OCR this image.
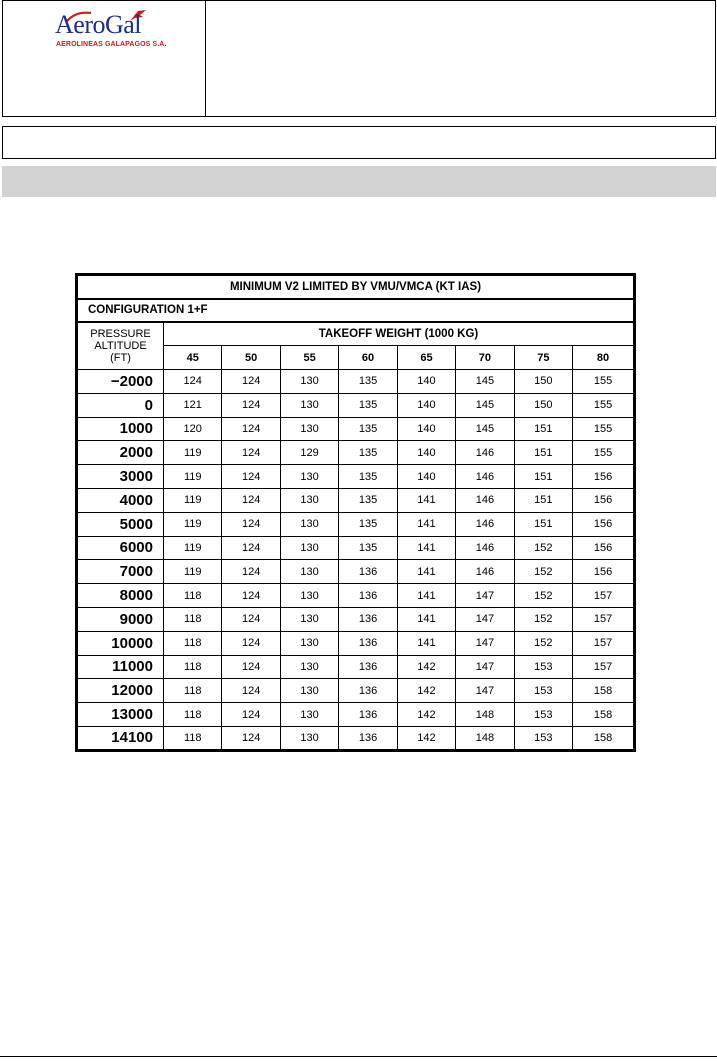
AeroGal
AEROLINEAS GALAPAGOS S.A.
MINIMUM V2 LIMITED BY VMU/VMCA (KT IAS)								
CONFIGURATION 1+F								
PRESSURE
ALTITUDE
(FT)	TAKEOFF WEIGHT (1000 KG)							
	45	50	55	60	65	70	75	80
−2000	124	124	130	135	140	145	150	155
0	121	124	130	135	140	145	150	155
1000	120	124	130	135	140	145	151	155
2000	119	124	129	135	140	146	151	155
3000	119	124	130	135	140	146	151	156
4000	119	124	130	135	141	146	151	156
5000	119	124	130	135	141	146	151	156
6000	119	124	130	135	141	146	152	156
7000	119	124	130	136	141	146	152	156
8000	118	124	130	136	141	147	152	157
9000	118	124	130	136	141	147	152	157
10000	118	124	130	136	141	147	152	157
11000	118	124	130	136	142	147	153	157
12000	118	124	130	136	142	147	153	158
13000	118	124	130	136	142	148	153	158
14100	118	124	130	136	142	148	153	158
